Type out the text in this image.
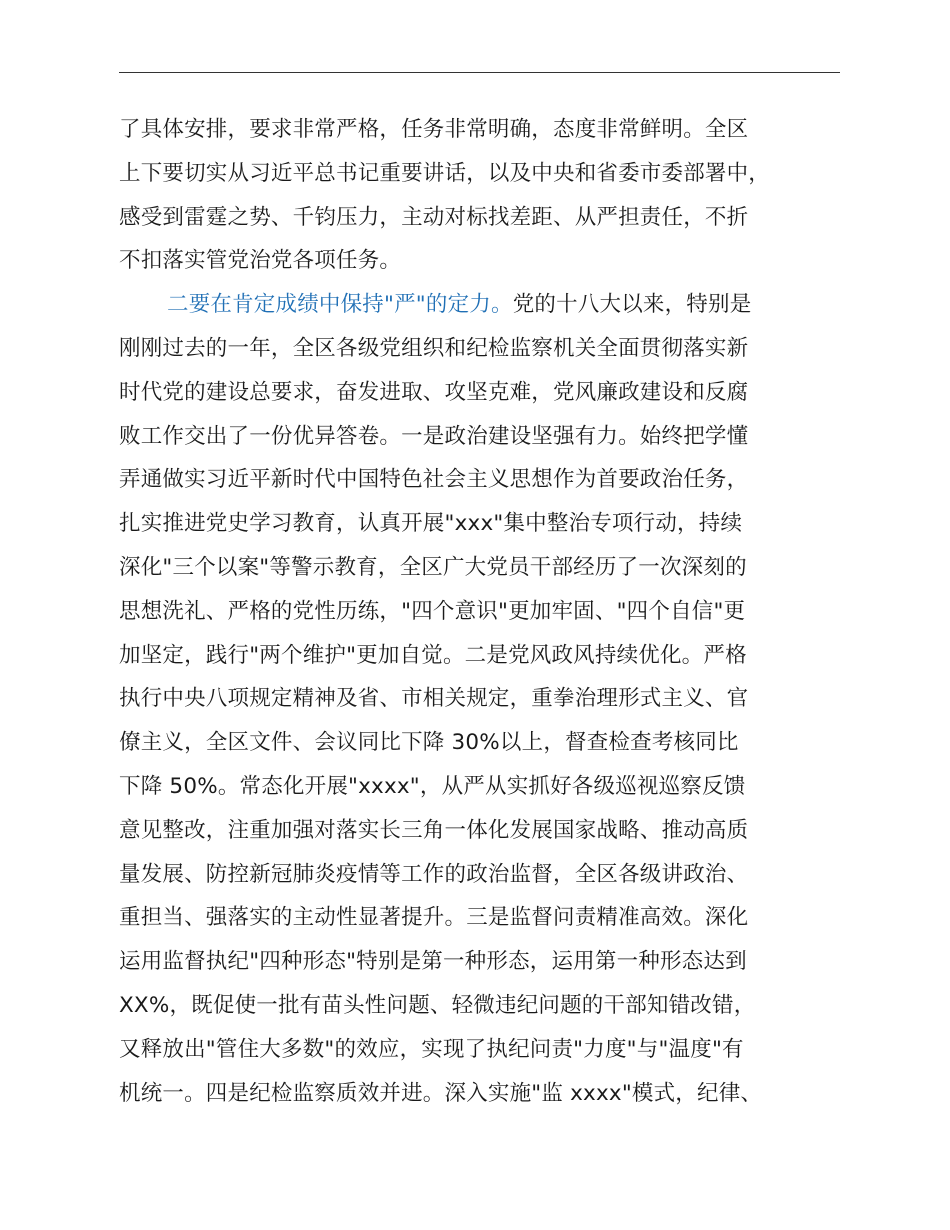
了具体安排，要求非常严格，任务非常明确，态度非常鲜明。全区
上下要切实从习近平总书记重要讲话，以及中央和省委市委部署中，
感受到雷霆之势、千钧压力，主动对标找差距、从严担责任，不折
不扣落实管党治党各项任务。
二要在肯定成绩中保持"严"的定力。党的十八大以来，特别是
刚刚过去的一年，全区各级党组织和纪检监察机关全面贯彻落实新
时代党的建设总要求，奋发进取、攻坚克难，党风廉政建设和反腐
败工作交出了一份优异答卷。一是政治建设坚强有力。始终把学懂
弄通做实习近平新时代中国特色社会主义思想作为首要政治任务，
扎实推进党史学习教育，认真开展"xxx"集中整治专项行动，持续
深化"三个以案"等警示教育，全区广大党员干部经历了一次深刻的
思想洗礼、严格的党性历练，"四个意识"更加牢固、"四个自信"更
加坚定，践行"两个维护"更加自觉。二是党风政风持续优化。严格
执行中央八项规定精神及省、市相关规定，重拳治理形式主义、官
僚主义，全区文件、会议同比下降 30%以上，督查检查考核同比
下降 50%。常态化开展"xxxx"，从严从实抓好各级巡视巡察反馈
意见整改，注重加强对落实长三角一体化发展国家战略、推动高质
量发展、防控新冠肺炎疫情等工作的政治监督，全区各级讲政治、
重担当、强落实的主动性显著提升。三是监督问责精准高效。深化
运用监督执纪"四种形态"特别是第一种形态，运用第一种形态达到
XX%，既促使一批有苗头性问题、轻微违纪问题的干部知错改错，
又释放出"管住大多数"的效应，实现了执纪问责"力度"与"温度"有
机统一。四是纪检监察质效并进。深入实施"监 xxxx"模式，纪律、
